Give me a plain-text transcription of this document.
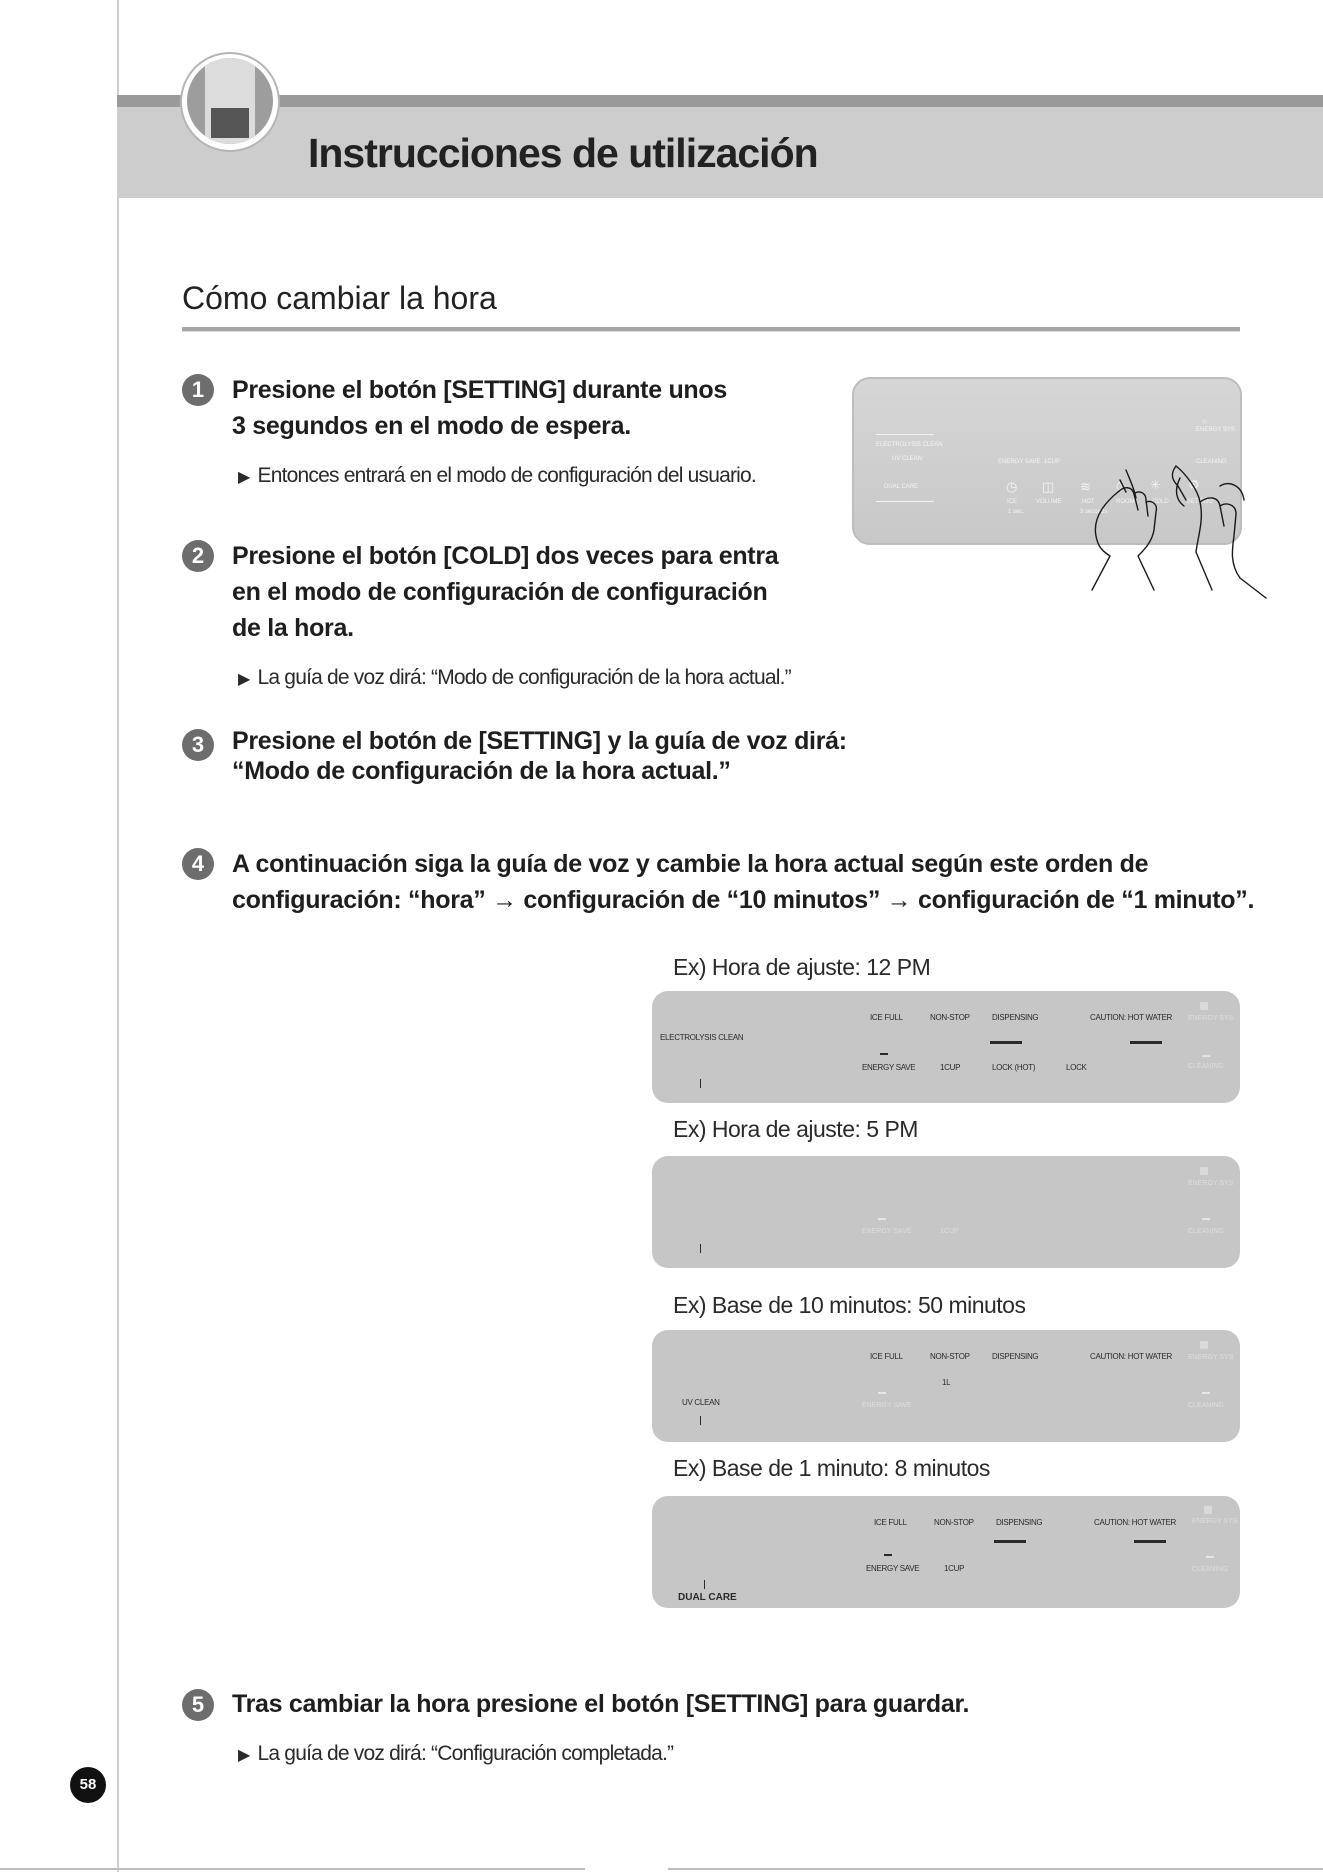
Instrucciones de utilización
Cómo cambiar la hora
1	Presione el botón [SETTING] durante unos
3 segundos en el modo de espera.
▶ Entonces entrará en el modo de configuración del usuario.
ELECTROLYSIS CLEAN
UV CLEAN
DUAL CARE
ENERGY SAVE 1CUP
ENERGY SYS
CLEANING
◷ ◫ ≋ ◊ ✳ ⚙
ICE	VOLUME	HOT	ROOM	COLD	SETTING
1 sec.	3 seconds
2	Presione el botón [COLD] dos veces para entra
en el modo de configuración de configuración
de la hora.
▶ La guía de voz dirá: “Modo de configuración de la hora actual.”
3	Presione el botón de [SETTING] y la guía de voz dirá:
“Modo de configuración de la hora actual.”
4	A continuación siga la guía de voz y cambie la hora actual según este orden de
configuración: “hora” → configuración de “10 minutos” → configuración de “1 minuto”.
Ex) Hora de ajuste: 12 PM
ICE FULL	NON-STOP	DISPENSING	CAUTION: HOT WATER
ELECTROLYSIS CLEAN
ENERGY SAVE	1CUP	LOCK (HOT)	LOCK
ENERGY SYS
CLEANING
Ex) Hora de ajuste: 5 PM
ENERGY SAVE	1CUP
ENERGY SYS
CLEANING
Ex) Base de 10 minutos: 50 minutos
ICE FULL	NON-STOP	DISPENSING	CAUTION: HOT WATER
1L
ENERGY SAVE
UV CLEAN
ENERGY SYS
CLEANING
Ex) Base de 1 minuto: 8 minutos
ICE FULL	NON-STOP	DISPENSING	CAUTION: HOT WATER
ENERGY SAVE	1CUP
DUAL CARE
ENERGY SYS
CLEANING
5	Tras cambiar la hora presione el botón [SETTING] para guardar.
▶ La guía de voz dirá: “Configuración completada.”
58
